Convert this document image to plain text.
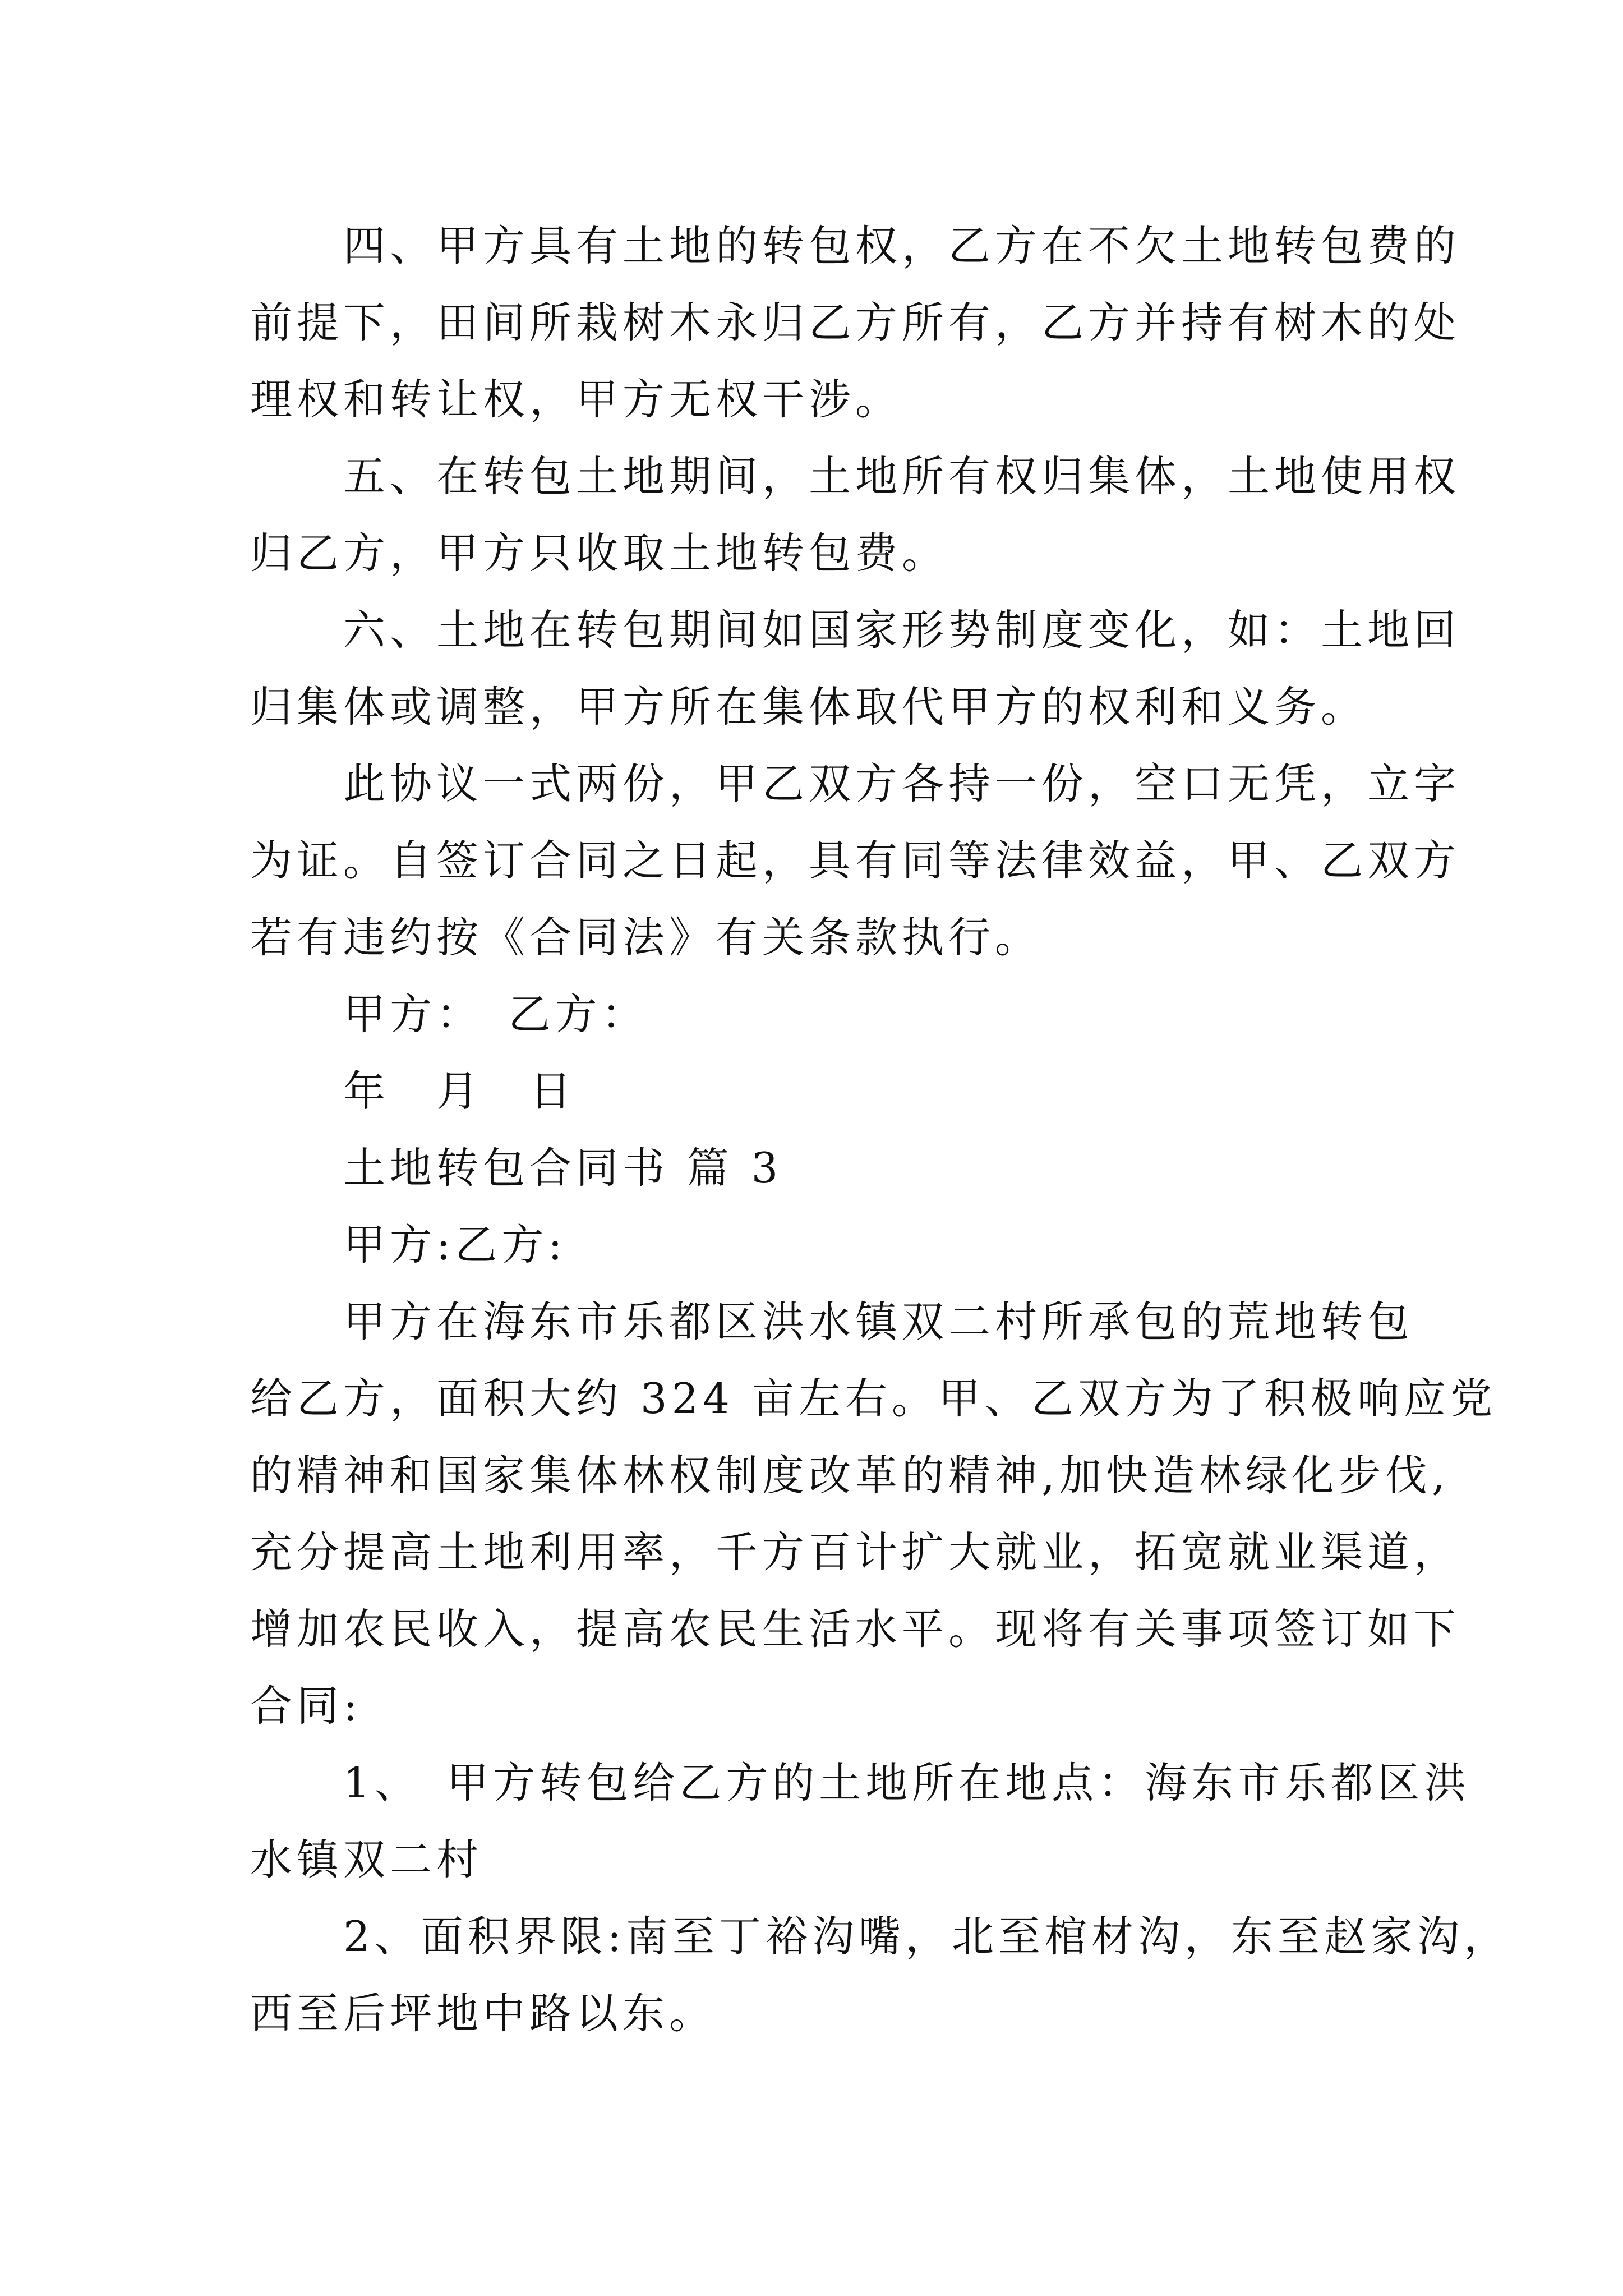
四、甲方具有土地的转包权，乙方在不欠土地转包费的
前提下，田间所栽树木永归乙方所有，乙方并持有树木的处
理权和转让权，甲方无权干涉。
五、在转包土地期间，土地所有权归集体，土地使用权
归乙方，甲方只收取土地转包费。
六、土地在转包期间如国家形势制度变化，如：土地回
归集体或调整，甲方所在集体取代甲方的权利和义务。
此协议一式两份，甲乙双方各持一份，空口无凭，立字
为证。自签订合同之日起，具有同等法律效益，甲、乙双方
若有违约按《合同法》有关条款执行。
甲方：　乙方：
年　月　日
土地转包合同书 篇 3
甲方:乙方:
甲方在海东市乐都区洪水镇双二村所承包的荒地转包
给乙方，面积大约 324 亩左右。甲、乙双方为了积极响应党
的精神和国家集体林权制度改革的精神,加快造林绿化步伐,
充分提高土地利用率，千方百计扩大就业，拓宽就业渠道，
增加农民收入，提高农民生活水平。现将有关事项签订如下
合同:
1、　甲方转包给乙方的土地所在地点：海东市乐都区洪
水镇双二村
2、面积界限:南至丁裕沟嘴，北至棺材沟，东至赵家沟，
西至后坪地中路以东。
